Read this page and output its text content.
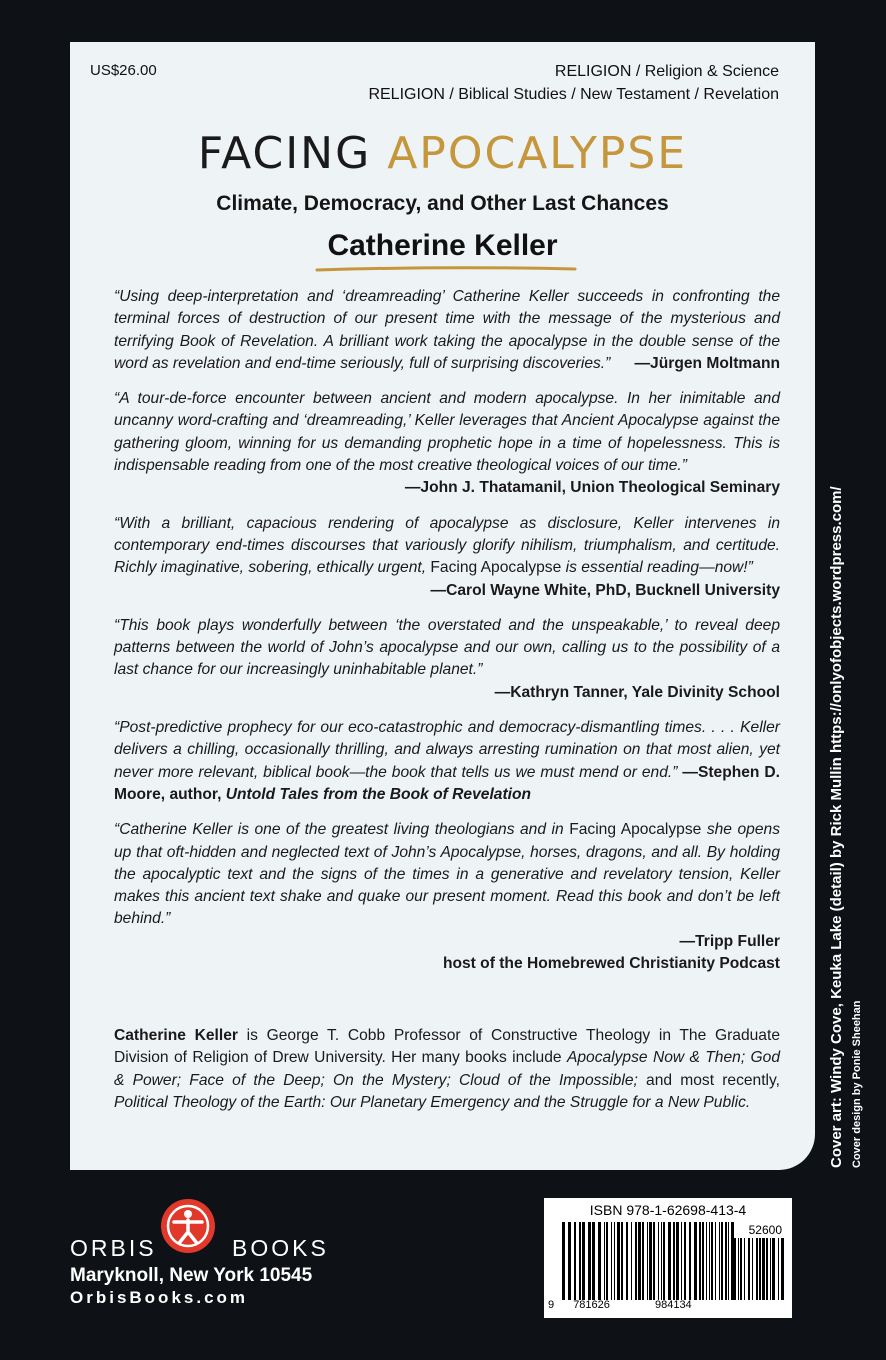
US$26.00	RELIGION / Religion & Science
RELIGION / Biblical Studies / New Testament / Revelation
FACING APOCALYPSE
Climate, Democracy, and Other Last Chances
Catherine Keller

“Using deep-interpretation and ‘dreamreading’ Catherine Keller succeeds in confronting the terminal forces of destruction of our present time with the message of the mysterious and terrifying Book of Revelation. A brilliant work taking the apocalypse in the double sense of the word as revelation and end-time seriously, full of surprising discoveries.” —Jürgen Moltmann

“A tour-de-force encounter between ancient and modern apocalypse. In her inimitable and uncanny word-crafting and ‘dreamreading,’ Keller leverages that Ancient Apocalypse against the gathering gloom, winning for us demanding prophetic hope in a time of hopelessness. This is indispensable reading from one of the most creative theological voices of our time.”
—John J. Thatamanil, Union Theological Seminary

“With a brilliant, capacious rendering of apocalypse as disclosure, Keller intervenes in contemporary end-times discourses that variously glorify nihilism, triumphalism, and certitude. Richly imaginative, sobering, ethically urgent, Facing Apocalypse is essential reading—now!”
—Carol Wayne White, PhD, Bucknell University

“This book plays wonderfully between ‘the overstated and the unspeakable,’ to reveal deep patterns between the world of John’s apocalypse and our own, calling us to the possibility of a last chance for our increasingly uninhabitable planet.”
—Kathryn Tanner, Yale Divinity School

“Post-predictive prophecy for our eco-catastrophic and democracy-dismantling times. . . . Keller delivers a chilling, occasionally thrilling, and always arresting rumination on that most alien, yet never more relevant, biblical book—the book that tells us we must mend or end.” —Stephen D. Moore, author, Untold Tales from the Book of Revelation

“Catherine Keller is one of the greatest living theologians and in Facing Apocalypse she opens up that oft-hidden and neglected text of John’s Apocalypse, horses, dragons, and all. By holding the apocalyptic text and the signs of the times in a generative and revelatory tension, Keller makes this ancient text shake and quake our present moment. Read this book and don’t be left behind.”
—Tripp Fuller
host of the Homebrewed Christianity Podcast

Catherine Keller is George T. Cobb Professor of Constructive Theology in The Graduate Division of Religion of Drew University. Her many books include Apocalypse Now & Then; God & Power; Face of the Deep; On the Mystery; Cloud of the Impossible; and most recently, Political Theology of the Earth: Our Planetary Emergency and the Struggle for a New Public.	Cover art: Windy Cove, Keuka Lake (detail) by Rick Mullin https://onlyofobjects.wordpress.com/ Cover design by Ponie Sheehan
ORBIS	BOOKS
Maryknoll, New York 10545
OrbisBooks.com
ISBN 978-1-62698-413-4
52600
9 781626	984134
